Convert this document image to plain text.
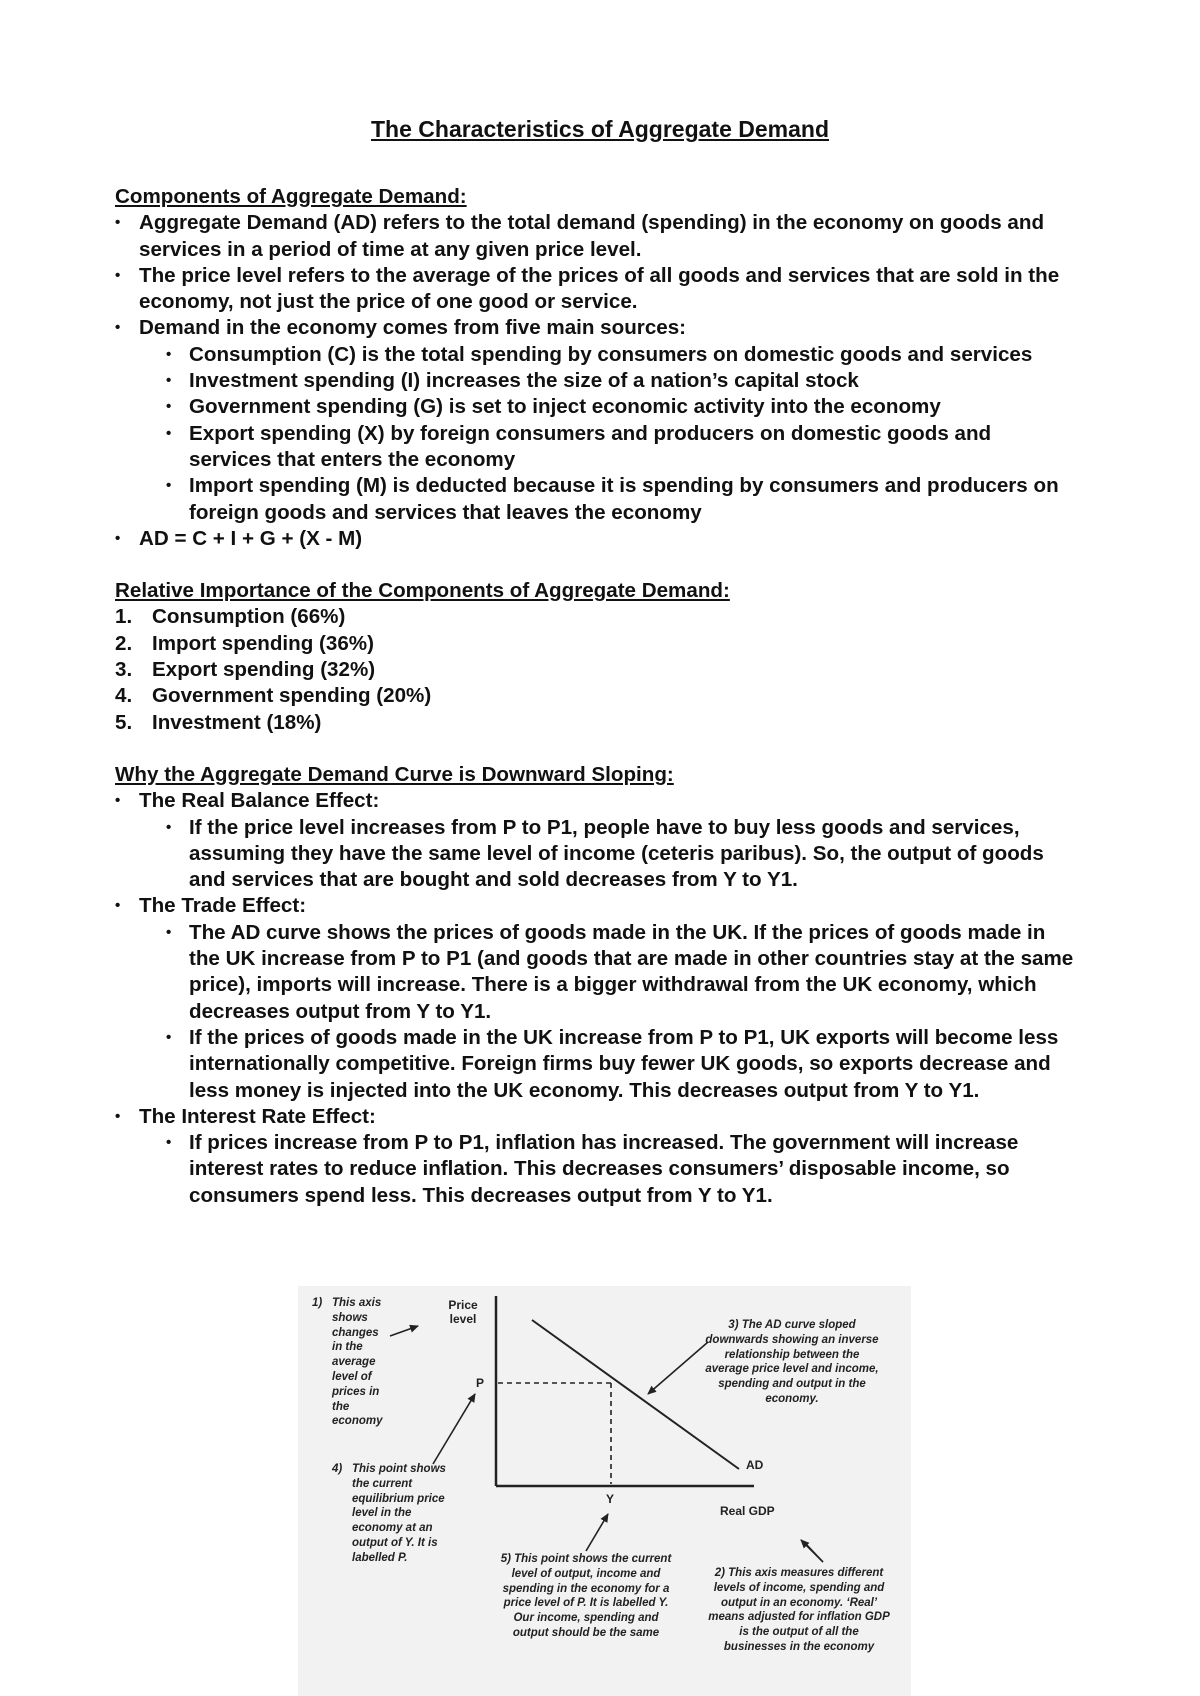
The Characteristics of Aggregate Demand
Components of Aggregate Demand:
• Aggregate Demand (AD) refers to the total demand (spending) in the economy on goods and services in a period of time at any given price level.
• The price level refers to the average of the prices of all goods and services that are sold in the economy, not just the price of one good or service.
• Demand in the economy comes from five main sources:
• Consumption (C) is the total spending by consumers on domestic goods and services
• Investment spending (I) increases the size of a nation’s capital stock
• Government spending (G) is set to inject economic activity into the economy
• Export spending (X) by foreign consumers and producers on domestic goods and services that enters the economy
• Import spending (M) is deducted because it is spending by consumers and producers on foreign goods and services that leaves the economy
• AD = C + I + G + (X - M)
Relative Importance of the Components of Aggregate Demand:
1. Consumption (66%)
2. Import spending (36%)
3. Export spending (32%)
4. Government spending (20%)
5. Investment (18%)
Why the Aggregate Demand Curve is Downward Sloping:
• The Real Balance Effect:
• If the price level increases from P to P1, people have to buy less goods and services, assuming they have the same level of income (ceteris paribus). So, the output of goods and services that are bought and sold decreases from Y to Y1.
• The Trade Effect:
• The AD curve shows the prices of goods made in the UK. If the prices of goods made in the UK increase from P to P1 (and goods that are made in other countries stay at the same price), imports will increase. There is a bigger withdrawal from the UK economy, which decreases output from Y to Y1.
• If the prices of goods made in the UK increase from P to P1, UK exports will become less internationally competitive. Foreign firms buy fewer UK goods, so exports decrease and less money is injected into the UK economy. This decreases output from Y to Y1.
• The Interest Rate Effect:
• If prices increase from P to P1, inflation has increased. The government will increase interest rates to reduce inflation. This decreases consumers’ disposable income, so consumers spend less. This decreases output from Y to Y1.
Price level
P
Y
AD
Real GDP
1) This axis shows changes in the average level of prices in the economy
4) This point shows the current equilibrium price level in the economy at an output of Y. It is labelled P.
3) The AD curve sloped downwards showing an inverse relationship between the average price level and income, spending and output in the economy.
5) This point shows the current level of output, income and spending in the economy for a price level of P. It is labelled Y. Our income, spending and output should be the same
2) This axis measures different levels of income, spending and output in an economy. ‘Real’ means adjusted for inflation GDP is the output of all the businesses in the economy
